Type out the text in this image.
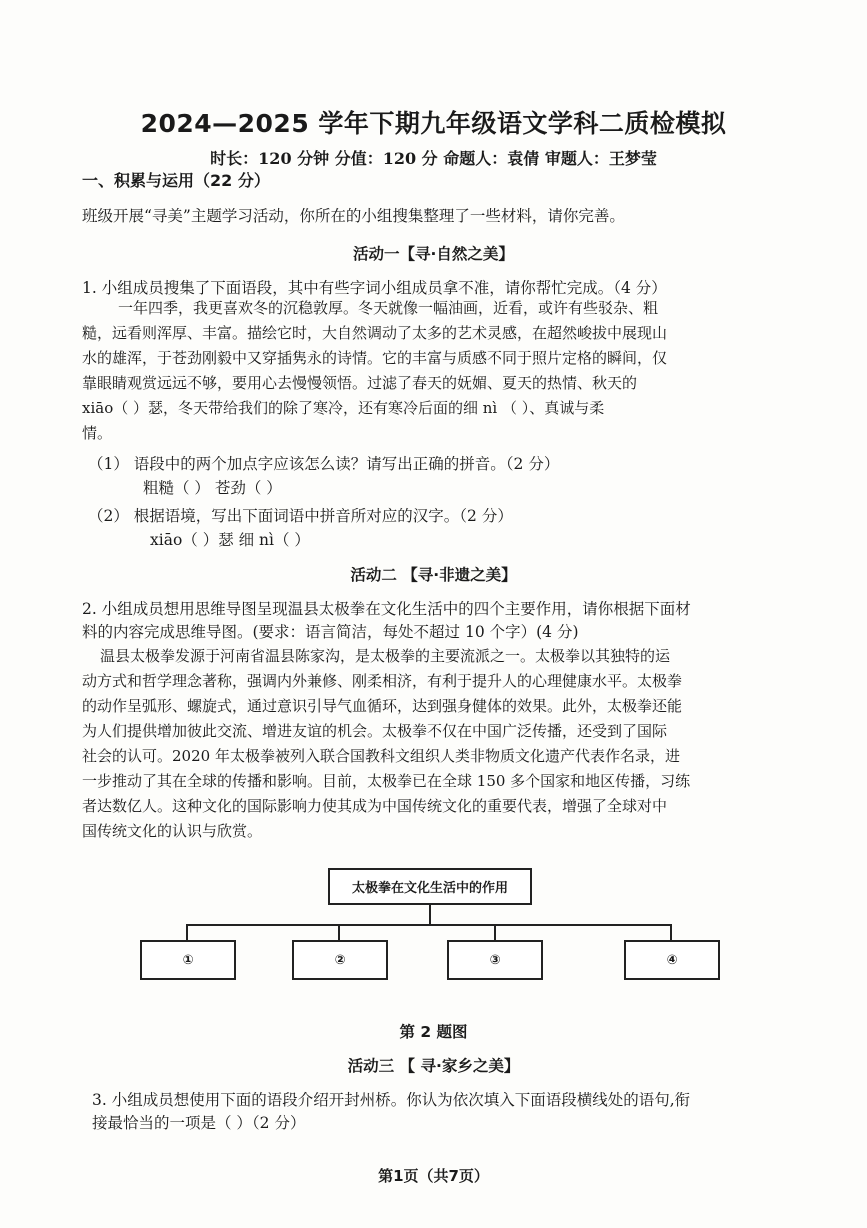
2024—2025 学年下期九年级语文学科二质检模拟
时长：120 分钟 分值：120 分 命题人：袁倩 审题人：王梦莹
一、积累与运用（22 分）
班级开展“寻美”主题学习活动，你所在的小组搜集整理了一些材料，请你完善。
活动一【寻·自然之美】
1. 小组成员搜集了下面语段，其中有些字词小组成员拿不准，请你帮忙完成。（4 分）
一年四季，我更喜欢冬的沉稳敦厚。冬天就像一幅油画，近看，或许有些驳杂、粗
糙，远看则浑厚、丰富。描绘它时，大自然调动了太多的艺术灵感，在超然峻拔中展现山
水的雄浑，于苍劲刚毅中又穿插隽永的诗情。它的丰富与质感不同于照片定格的瞬间，仅
靠眼睛观赏远远不够，要用心去慢慢领悟。过滤了春天的妩媚、夏天的热情、秋天的
xiāo（ ）瑟，冬天带给我们的除了寒冷，还有寒冷后面的细 nì （ ）、真诚与柔
情。
（1） 语段中的两个加点字应该怎么读？请写出正确的拼音。（2 分）
粗糙（ ） 苍劲（ ）
（2） 根据语境，写出下面词语中拼音所对应的汉字。（2 分）
xiāo（ ）瑟 细 nì（ ）
活动二 【寻·非遗之美】
2. 小组成员想用思维导图呈现温县太极拳在文化生活中的四个主要作用，请你根据下面材
料的内容完成思维导图。(要求：语言简洁，每处不超过 10 个字）(4 分)
温县太极拳发源于河南省温县陈家沟，是太极拳的主要流派之一。太极拳以其独特的运
动方式和哲学理念著称，强调内外兼修、刚柔相济，有利于提升人的心理健康水平。太极拳
的动作呈弧形、螺旋式，通过意识引导气血循环，达到强身健体的效果。此外，太极拳还能
为人们提供增加彼此交流、增进友谊的机会。太极拳不仅在中国广泛传播，还受到了国际
社会的认可。2020 年太极拳被列入联合国教科文组织人类非物质文化遗产代表作名录，进
一步推动了其在全球的传播和影响。目前，太极拳已在全球 150 多个国家和地区传播，习练
者达数亿人。这种文化的国际影响力使其成为中国传统文化的重要代表，增强了全球对中
国传统文化的认识与欣赏。
太极拳在文化生活中的作用
①	②	③	④
第 2 题图
活动三 【 寻·家乡之美】
3. 小组成员想使用下面的语段介绍开封州桥。你认为依次填入下面语段横线处的语句,衔
接最恰当的一项是（ ）（2 分）
第1页（共7页）
